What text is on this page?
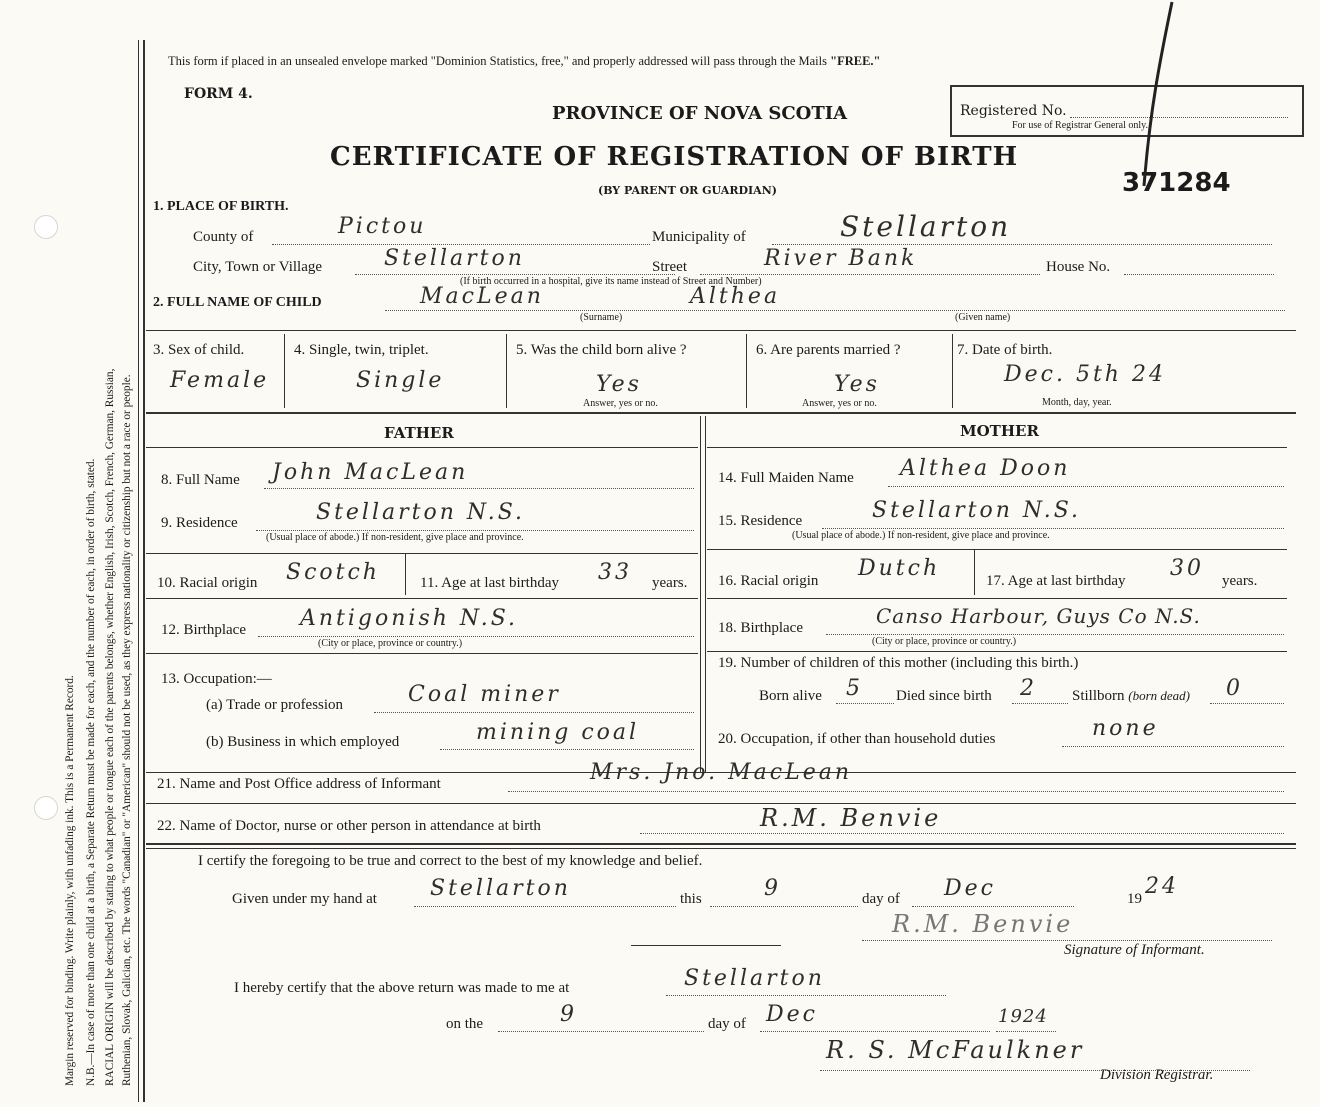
Margin reserved for binding. Write plainly, with unfading ink. This is a Permanent Record. N.B.—In case of more than one child at a birth, a Separate Return must be made for each, and the number of each, in order of birth, stated. RACIAL ORIGIN will be described by stating to what people or tongue each of the parents belongs, whether English, Irish, Scotch, French, German, Russian, Ruthenian, Slovak, Galician, etc. The words "Canadian" or "American" should not be used, as they express nationality or citizenship but not a race or people.
This form if placed in an unsealed envelope marked "Dominion Statistics, free," and properly addressed will pass through the Mails "FREE."
FORM 4.
PROVINCE OF NOVA SCOTIA
CERTIFICATE OF REGISTRATION OF BIRTH
(BY PARENT OR GUARDIAN)
Registered No.
For use of Registrar General only.
371284
1. PLACE OF BIRTH.
County of	Pictou	Municipality of	Stellarton
City, Town or Village	Stellarton	Street	River Bank	House No.
(If birth occurred in a hospital, give its name instead of Street and Number)
2. FULL NAME OF CHILD	MacLean	Althea
(Surname)	(Given name)
3. Sex of child.
Female
4. Single, twin, triplet.
Single
5. Was the child born alive ?
Yes
Answer, yes or no.
6. Are parents married ?
Yes
Answer, yes or no.
7. Date of birth.
Dec. 5th 24
Month, day, year.
FATHER	MOTHER
8. Full Name John MacLean
9. Residence	Stellarton N.S.
(Usual place of abode.) If non-resident, give place and province.
10. Racial origin Scotch	11. Age at last birthday 33 years.
12. Birthplace Antigonish N.S.
(City or place, province or country.)
13. Occupation:—
(a) Trade or profession	Coal miner
(b) Business in which employed	mining coal
14. Full Maiden Name Althea Doon
15. Residence	Stellarton N.S.
(Usual place of abode.) If non-resident, give place and province.
16. Racial origin Dutch	17. Age at last birthday 30 years.
18. Birthplace	Canso Harbour, Guys Co N.S.
(City or place, province or country.)
19. Number of children of this mother (including this birth.)
Born alive 5 Died since birth 2 Stillborn (born dead) 0
20. Occupation, if other than household duties	none
21. Name and Post Office address of Informant	Mrs. Jno. MacLean
22. Name of Doctor, nurse or other person in attendance at birth	R.M. Benvie
I certify the foregoing to be true and correct to the best of my knowledge and belief.
Given under my hand at Stellarton	this	9	day of Dec	19 24
R.M. Benvie
Signature of Informant.
I hereby certify that the above return was made to me at	Stellarton
on the	9	day of Dec	1924
R. S. McFaulkner
Division Registrar.
